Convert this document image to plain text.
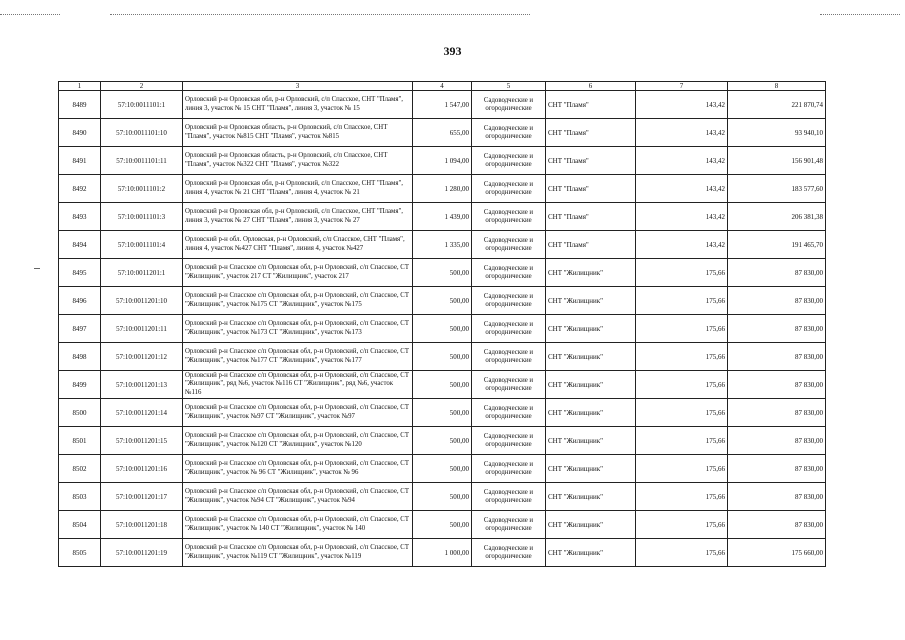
393
1	2	3	4	5	6	7	8
8489	57:10:0011101:1	Орловский р-н Орловская обл, р-н Орловский, с/п Спасское, СНТ "Пламя", линия 3, участок № 15 СНТ "Пламя", линия 3, участок № 15	1 547,00	Садоводческие и огороднические	СНТ "Пламя"	143,42	221 870,74
8490	57:10:0011101:10	Орловский р-н Орловская область, р-н Орловский, с/п Спасское, СНТ "Пламя", участок №815 СНТ "Пламя", участок №815	655,00	Садоводческие и огороднические	СНТ "Пламя"	143,42	93 940,10
8491	57:10:0011101:11	Орловский р-н Орловская область, р-н Орловский, с/п Спасское, СНТ "Пламя", участок №322 СНТ "Пламя", участок №322	1 094,00	Садоводческие и огороднические	СНТ "Пламя"	143,42	156 901,48
8492	57:10:0011101:2	Орловский р-н Орловская обл, р-н Орловский, с/п Спасское, СНТ "Пламя", линия 4, участок № 21 СНТ "Пламя", линия 4, участок № 21	1 280,00	Садоводческие и огороднические	СНТ "Пламя"	143,42	183 577,60
8493	57:10:0011101:3	Орловский р-н Орловская обл, р-н Орловский, с/п Спасское, СНТ "Пламя", линия 3, участок № 27 СНТ "Пламя", линия 3, участок № 27	1 439,00	Садоводческие и огороднические	СНТ "Пламя"	143,42	206 381,38
8494	57:10:0011101:4	Орловский р-н обл. Орловская, р-н Орловский, с/п Спасское, СНТ "Пламя", линия 4, участок №427 СНТ "Пламя", линия 4, участок №427	1 335,00	Садоводческие и огороднические	СНТ "Пламя"	143,42	191 465,70
8495	57:10:0011201:1	Орловский р-н Спасское с/п Орловская обл, р-н Орловский, с/п Спасское, СТ "Жилищник", участок 217 СТ "Жилищник", участок 217	500,00	Садоводческие и огороднические	СНТ "Жилищник"	175,66	87 830,00
8496	57:10:0011201:10	Орловский р-н Спасское с/п Орловская обл, р-н Орловский, с/п Спасское, СТ "Жилищник", участок №175 СТ "Жилищник", участок №175	500,00	Садоводческие и огороднические	СНТ "Жилищник"	175,66	87 830,00
8497	57:10:0011201:11	Орловский р-н Спасское с/п Орловская обл, р-н Орловский, с/п Спасское, СТ "Жилищник", участок №173 СТ "Жилищник", участок №173	500,00	Садоводческие и огороднические	СНТ "Жилищник"	175,66	87 830,00
8498	57:10:0011201:12	Орловский р-н Спасское с/п Орловская обл, р-н Орловский, с/п Спасское, СТ "Жилищник", участок №177 СТ "Жилищник", участок №177	500,00	Садоводческие и огороднические	СНТ "Жилищник"	175,66	87 830,00
8499	57:10:0011201:13	Орловский р-н Спасское с/п Орловская обл, р-н Орловский, с/п Спасское, СТ "Жилищник", ряд №6, участок №116 СТ "Жилищник", ряд №6, участок №116	500,00	Садоводческие и огороднические	СНТ "Жилищник"	175,66	87 830,00
8500	57:10:0011201:14	Орловский р-н Спасское с/п Орловская обл, р-н Орловский, с/п Спасское, СТ "Жилищник", участок №97 СТ "Жилищник", участок №97	500,00	Садоводческие и огороднические	СНТ "Жилищник"	175,66	87 830,00
8501	57:10:0011201:15	Орловский р-н Спасское с/п Орловская обл, р-н Орловский, с/п Спасское, СТ "Жилищник", участок №120 СТ "Жилищник", участок №120	500,00	Садоводческие и огороднические	СНТ "Жилищник"	175,66	87 830,00
8502	57:10:0011201:16	Орловский р-н Спасское с/п Орловская обл, р-н Орловский, с/п Спасское, СТ "Жилищник", участок № 96 СТ "Жилищник", участок № 96	500,00	Садоводческие и огороднические	СНТ "Жилищник"	175,66	87 830,00
8503	57:10:0011201:17	Орловский р-н Спасское с/п Орловская обл, р-н Орловский, с/п Спасское, СТ "Жилищник", участок №94 СТ "Жилищник", участок №94	500,00	Садоводческие и огороднические	СНТ "Жилищник"	175,66	87 830,00
8504	57:10:0011201:18	Орловский р-н Спасское с/п Орловская обл, р-н Орловский, с/п Спасское, СТ "Жилищник", участок № 140 СТ "Жилищник", участок № 140	500,00	Садоводческие и огороднические	СНТ "Жилищник"	175,66	87 830,00
8505	57:10:0011201:19	Орловский р-н Спасское с/п Орловская обл, р-н Орловский, с/п Спасское, СТ "Жилищник", участок №119 СТ "Жилищник", участок №119	1 000,00	Садоводческие и огороднические	СНТ "Жилищник"	175,66	175 660,00
